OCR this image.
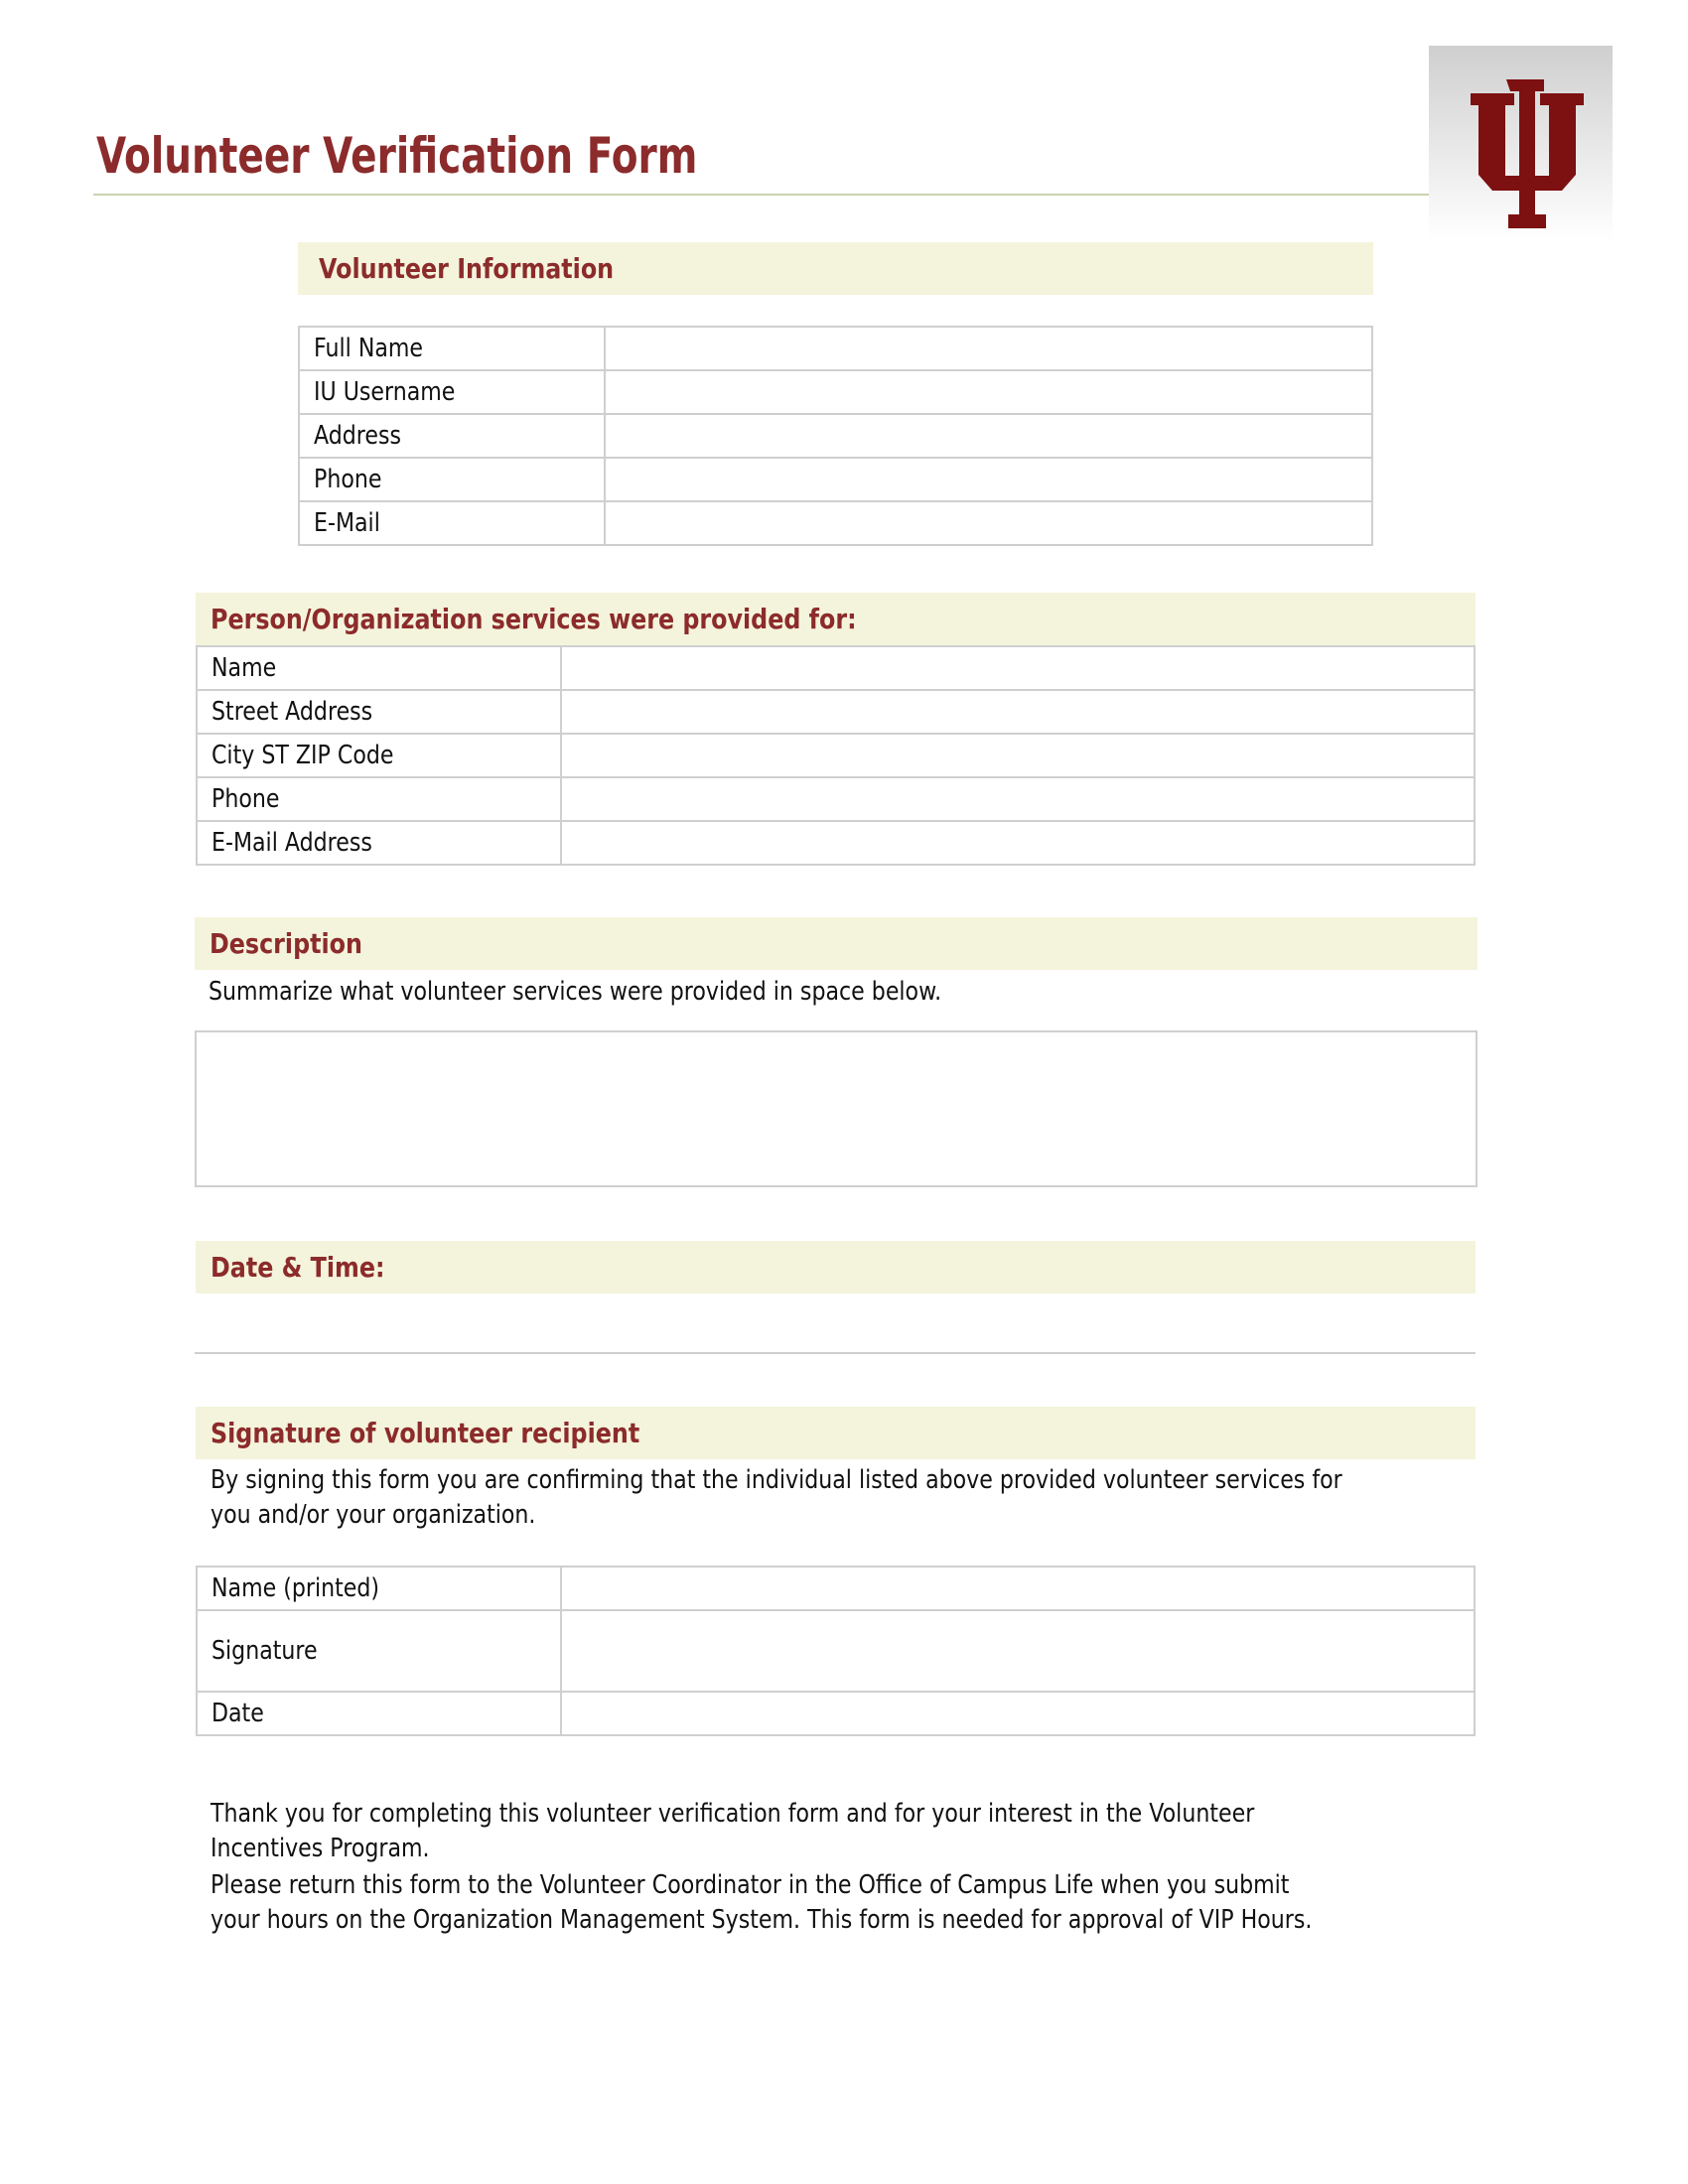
Volunteer Verification Form
Volunteer Information
Full Name	
IU Username	
Address	
Phone	
E-Mail	
Person/Organization services were provided for:
Name	
Street Address	
City ST ZIP Code	
Phone	
E-Mail Address	
Description
Summarize what volunteer services were provided in space below.
Date & Time:
Signature of volunteer recipient
By signing this form you are confirming that the individual listed above provided volunteer services for
you and/or your organization.
Name (printed)	
Signature	
Date	
Thank you for completing this volunteer verification form and for your interest in the Volunteer
Incentives Program.
Please return this form to the Volunteer Coordinator in the Office of Campus Life when you submit
your hours on the Organization Management System. This form is needed for approval of VIP Hours.
